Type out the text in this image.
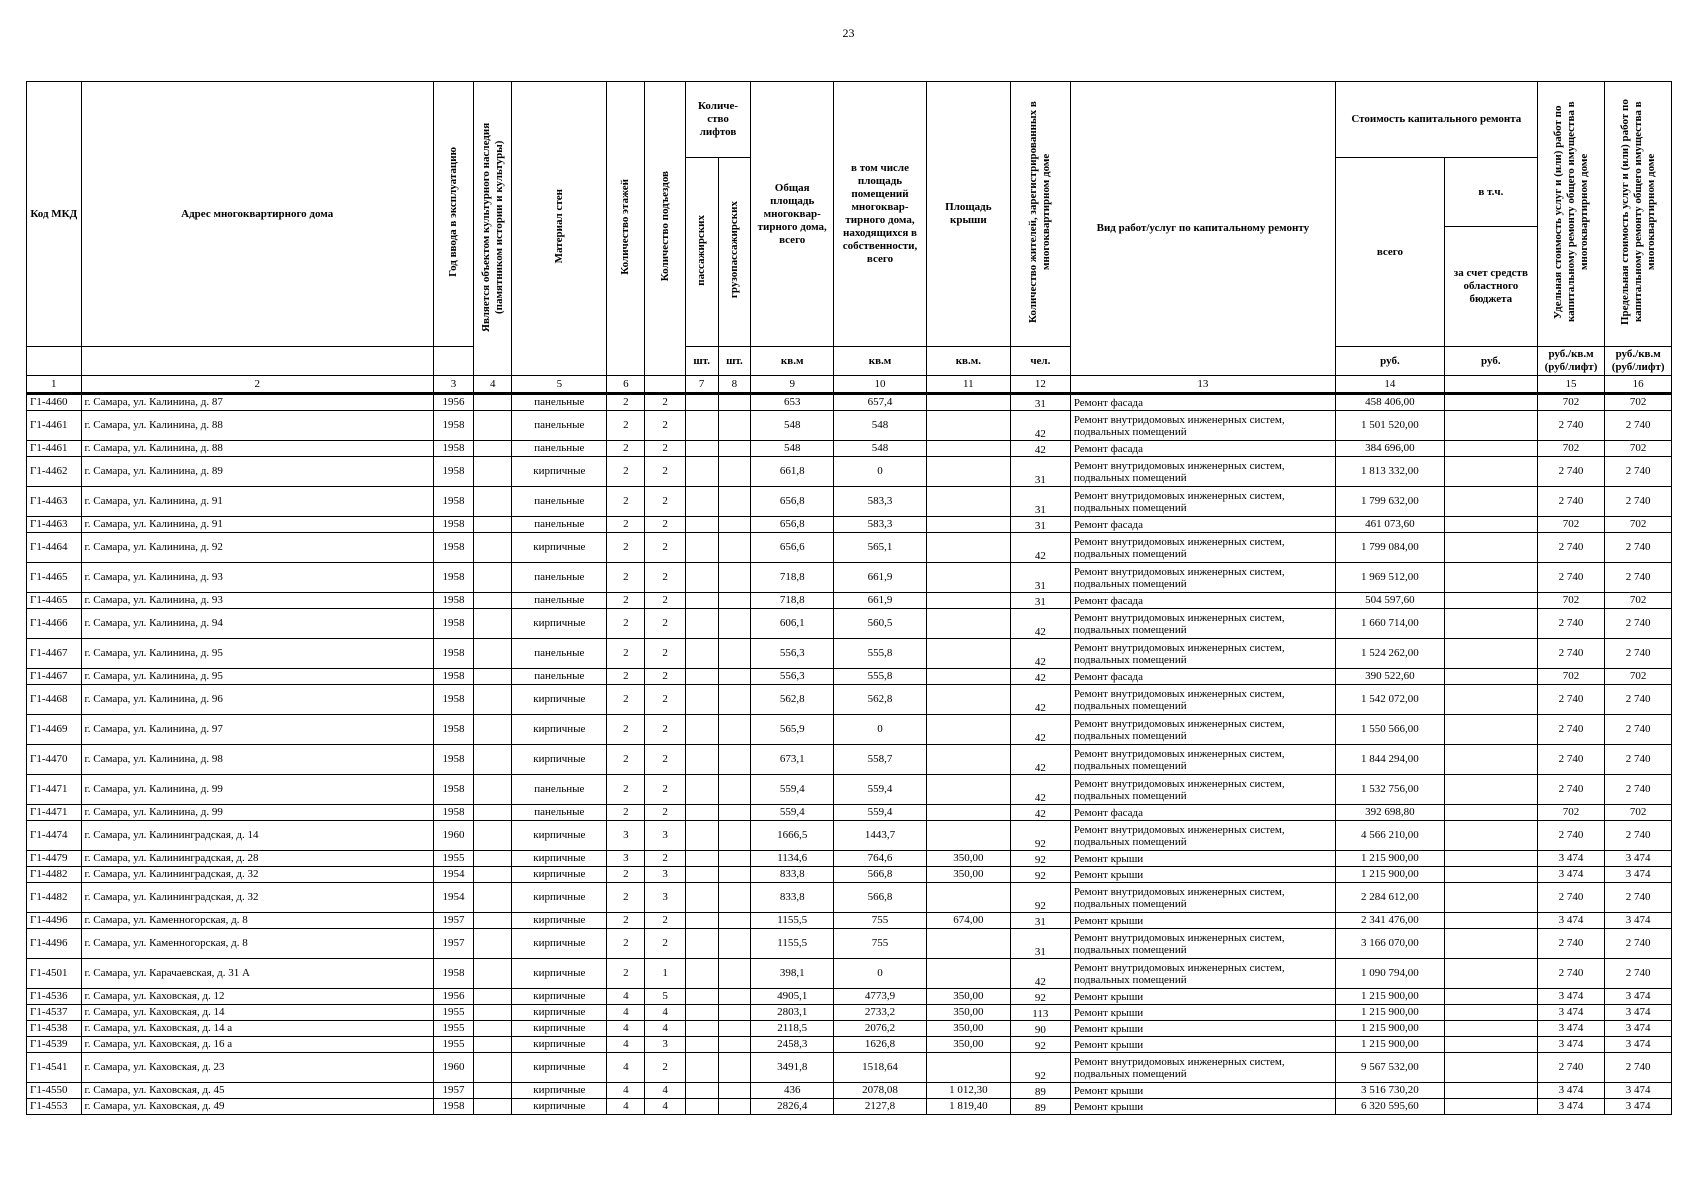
23
Код МКД	Адрес многоквартирного дома	Год ввода в эксплуатацию	Является объектом культурного наследия (памятником истории и культуры)	Материал стен	Количество этажей	Количество подъездов	Количе-ство лифтов		Общая площадь многоквар-тирного дома, всего	в том числе площадь помещений многоквар-тирного дома, находящихся в собственности, всего	Площадь крыши	Количество жителей, зарегистрированных в многоквартирном доме	Вид работ/услуг по капитальному ремонту	Стоимость капитального ремонта		Удельная стоимость услуг и (или) работ по капитальному ремонту общего имущества в многоквартирном доме	Предельная стоимость услуг и (или) работ по капитальному ремонту общего имущества в многоквартирном доме
							пассажирских	грузопассажирских						всего	в т.ч.		
															за счет средств областного бюджета		
							шт.	шт.	кв.м	кв.м	кв.м.	чел.		руб.	руб.	руб./кв.м (руб/лифт)	руб./кв.м (руб/лифт)
1	2	3	4	5	6		7	8	9	10	11	12	13	14		15	16
Г1-4460	г. Самара, ул. Калинина, д. 87	1956		панельные	2	2			653	657,4		31	Ремонт фасада	458 406,00		702	702
Г1-4461	г. Самара, ул. Калинина, д. 88	1958		панельные	2	2			548	548		42	Ремонт внутридомовых инженерных систем, подвальных помещений	1 501 520,00		2 740	2 740
Г1-4461	г. Самара, ул. Калинина, д. 88	1958		панельные	2	2			548	548		42	Ремонт фасада	384 696,00		702	702
Г1-4462	г. Самара, ул. Калинина, д. 89	1958		кирпичные	2	2			661,8	0		31	Ремонт внутридомовых инженерных систем, подвальных помещений	1 813 332,00		2 740	2 740
Г1-4463	г. Самара, ул. Калинина, д. 91	1958		панельные	2	2			656,8	583,3		31	Ремонт внутридомовых инженерных систем, подвальных помещений	1 799 632,00		2 740	2 740
Г1-4463	г. Самара, ул. Калинина, д. 91	1958		панельные	2	2			656,8	583,3		31	Ремонт фасада	461 073,60		702	702
Г1-4464	г. Самара, ул. Калинина, д. 92	1958		кирпичные	2	2			656,6	565,1		42	Ремонт внутридомовых инженерных систем, подвальных помещений	1 799 084,00		2 740	2 740
Г1-4465	г. Самара, ул. Калинина, д. 93	1958		панельные	2	2			718,8	661,9		31	Ремонт внутридомовых инженерных систем, подвальных помещений	1 969 512,00		2 740	2 740
Г1-4465	г. Самара, ул. Калинина, д. 93	1958		панельные	2	2			718,8	661,9		31	Ремонт фасада	504 597,60		702	702
Г1-4466	г. Самара, ул. Калинина, д. 94	1958		кирпичные	2	2			606,1	560,5		42	Ремонт внутридомовых инженерных систем, подвальных помещений	1 660 714,00		2 740	2 740
Г1-4467	г. Самара, ул. Калинина, д. 95	1958		панельные	2	2			556,3	555,8		42	Ремонт внутридомовых инженерных систем, подвальных помещений	1 524 262,00		2 740	2 740
Г1-4467	г. Самара, ул. Калинина, д. 95	1958		панельные	2	2			556,3	555,8		42	Ремонт фасада	390 522,60		702	702
Г1-4468	г. Самара, ул. Калинина, д. 96	1958		кирпичные	2	2			562,8	562,8		42	Ремонт внутридомовых инженерных систем, подвальных помещений	1 542 072,00		2 740	2 740
Г1-4469	г. Самара, ул. Калинина, д. 97	1958		кирпичные	2	2			565,9	0		42	Ремонт внутридомовых инженерных систем, подвальных помещений	1 550 566,00		2 740	2 740
Г1-4470	г. Самара, ул. Калинина, д. 98	1958		кирпичные	2	2			673,1	558,7		42	Ремонт внутридомовых инженерных систем, подвальных помещений	1 844 294,00		2 740	2 740
Г1-4471	г. Самара, ул. Калинина, д. 99	1958		панельные	2	2			559,4	559,4		42	Ремонт внутридомовых инженерных систем, подвальных помещений	1 532 756,00		2 740	2 740
Г1-4471	г. Самара, ул. Калинина, д. 99	1958		панельные	2	2			559,4	559,4		42	Ремонт фасада	392 698,80		702	702
Г1-4474	г. Самара, ул. Калининградская, д. 14	1960		кирпичные	3	3			1666,5	1443,7		92	Ремонт внутридомовых инженерных систем, подвальных помещений	4 566 210,00		2 740	2 740
Г1-4479	г. Самара, ул. Калининградская, д. 28	1955		кирпичные	3	2			1134,6	764,6	350,00	92	Ремонт крыши	1 215 900,00		3 474	3 474
Г1-4482	г. Самара, ул. Калининградская, д. 32	1954		кирпичные	2	3			833,8	566,8	350,00	92	Ремонт крыши	1 215 900,00		3 474	3 474
Г1-4482	г. Самара, ул. Калининградская, д. 32	1954		кирпичные	2	3			833,8	566,8		92	Ремонт внутридомовых инженерных систем, подвальных помещений	2 284 612,00		2 740	2 740
Г1-4496	г. Самара, ул. Каменногорская, д. 8	1957		кирпичные	2	2			1155,5	755	674,00	31	Ремонт крыши	2 341 476,00		3 474	3 474
Г1-4496	г. Самара, ул. Каменногорская, д. 8	1957		кирпичные	2	2			1155,5	755		31	Ремонт внутридомовых инженерных систем, подвальных помещений	3 166 070,00		2 740	2 740
Г1-4501	г. Самара, ул. Карачаевская, д. 31 А	1958		кирпичные	2	1			398,1	0		42	Ремонт внутридомовых инженерных систем, подвальных помещений	1 090 794,00		2 740	2 740
Г1-4536	г. Самара, ул. Каховская, д. 12	1956		кирпичные	4	5			4905,1	4773,9	350,00	92	Ремонт крыши	1 215 900,00		3 474	3 474
Г1-4537	г. Самара, ул. Каховская, д. 14	1955		кирпичные	4	4			2803,1	2733,2	350,00	113	Ремонт крыши	1 215 900,00		3 474	3 474
Г1-4538	г. Самара, ул. Каховская, д. 14 а	1955		кирпичные	4	4			2118,5	2076,2	350,00	90	Ремонт крыши	1 215 900,00		3 474	3 474
Г1-4539	г. Самара, ул. Каховская, д. 16 а	1955		кирпичные	4	3			2458,3	1626,8	350,00	92	Ремонт крыши	1 215 900,00		3 474	3 474
Г1-4541	г. Самара, ул. Каховская, д. 23	1960		кирпичные	4	2			3491,8	1518,64		92	Ремонт внутридомовых инженерных систем, подвальных помещений	9 567 532,00		2 740	2 740
Г1-4550	г. Самара, ул. Каховская, д. 45	1957		кирпичные	4	4			436	2078,08	1 012,30	89	Ремонт крыши	3 516 730,20		3 474	3 474
Г1-4553	г. Самара, ул. Каховская, д. 49	1958		кирпичные	4	4			2826,4	2127,8	1 819,40	89	Ремонт крыши	6 320 595,60		3 474	3 474
